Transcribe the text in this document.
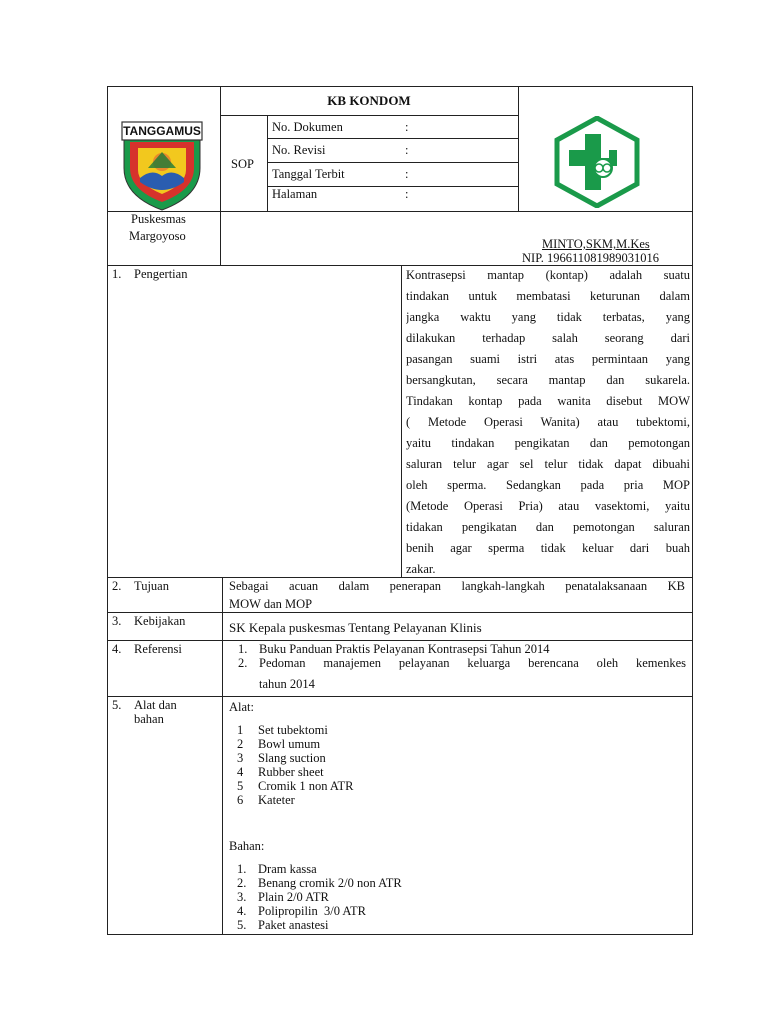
TANGGAMUS
Puskesmas
Margoyoso
KB KONDOM
SOP
No. Dokumen	:
No. Revisi	:
Tanggal Terbit	:
Halaman	:
MINTO,SKM,M.Kes
NIP. 196611081989031016
1. Pengertian	Kontrasepsi mantap (kontap) adalah suatu
tindakan untuk membatasi keturunan dalam
jangka waktu yang tidak terbatas, yang
dilakukan terhadap salah seorang dari
pasangan suami istri atas permintaan yang
bersangkutan, secara mantap dan sukarela.
Tindakan kontap pada wanita disebut MOW
( Metode Operasi Wanita) atau tubektomi,
yaitu tindakan pengikatan dan pemotongan
saluran telur agar sel telur tidak dapat dibuahi
oleh sperma. Sedangkan pada pria MOP
(Metode Operasi Pria) atau vasektomi, yaitu
tidakan pengikatan dan pemotongan saluran
benih agar sperma tidak keluar dari buah
zakar.
2. Tujuan	Sebagai acuan dalam penerapan langkah-langkah penatalaksanaan KB
MOW dan MOP
3. Kebijakan	SK Kepala puskesmas Tentang Pelayanan Klinis
4. Referensi	1. Buku Panduan Praktis Pelayanan Kontrasepsi Tahun 2014
2. Pedoman manajemen pelayanan keluarga berencana oleh kemenkes
tahun 2014
5. Alat dan
bahan
Alat:
1 Set tubektomi
2 Bowl umum
3 Slang suction
4 Rubber sheet
5 Cromik 1 non ATR
6 Kateter
Bahan:
1. Dram kassa
2. Benang cromik 2/0 non ATR
3. Plain 2/0 ATR
4. Polipropilin  3/0 ATR
5. Paket anastesi
